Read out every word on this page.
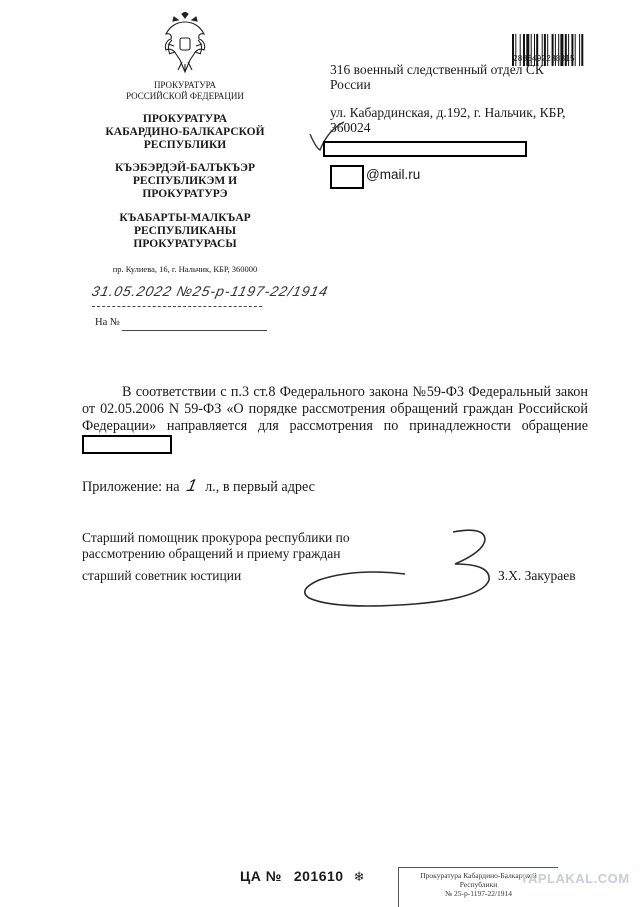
ПРОКУРАТУРА
РОССИЙСКОЙ ФЕДЕРАЦИИ
ПРОКУРАТУРА
КАБАРДИНО-БАЛКАРСКОЙ
РЕСПУБЛИКИ
КЪЭБЭРДЭЙ-БАЛЪКЪЭР
РЕСПУБЛИКЭМ И
ПРОКУРАТУРЭ
КЪАБАРТЫ-МАЛКЪАР
РЕСПУБЛИКАНЫ
ПРОКУРАТУРАСЫ
пр. Кулиева, 16, г. Нальчик, КБР, 360000
31.05.2022 №25-р-1197-22/1914
На №
2886492238315
316 военный следственный отдел СК
России
ул. Кабардинская, д.192, г. Нальчик, КБР,
360024
@mail.ru
В соответствии с п.3 ст.8 Федерального закона №59-ФЗ Федеральный закон от 02.05.2006 N 59-ФЗ «О порядке рассмотрения обращений граждан Российской Федерации» направляется для рассмотрения по принадлежности обращение
Приложение: на 1 л., в первый адрес
Старший помощник прокурора республики по
рассмотрению обращений и приему граждан
старший советник юстиции	З.Х. Закураев
ЦА № 201610 ❄	Прокуратура Кабардино-Балкарской
Республики
№ 25-р-1197-22/1914
YAPLAKAL.COM
